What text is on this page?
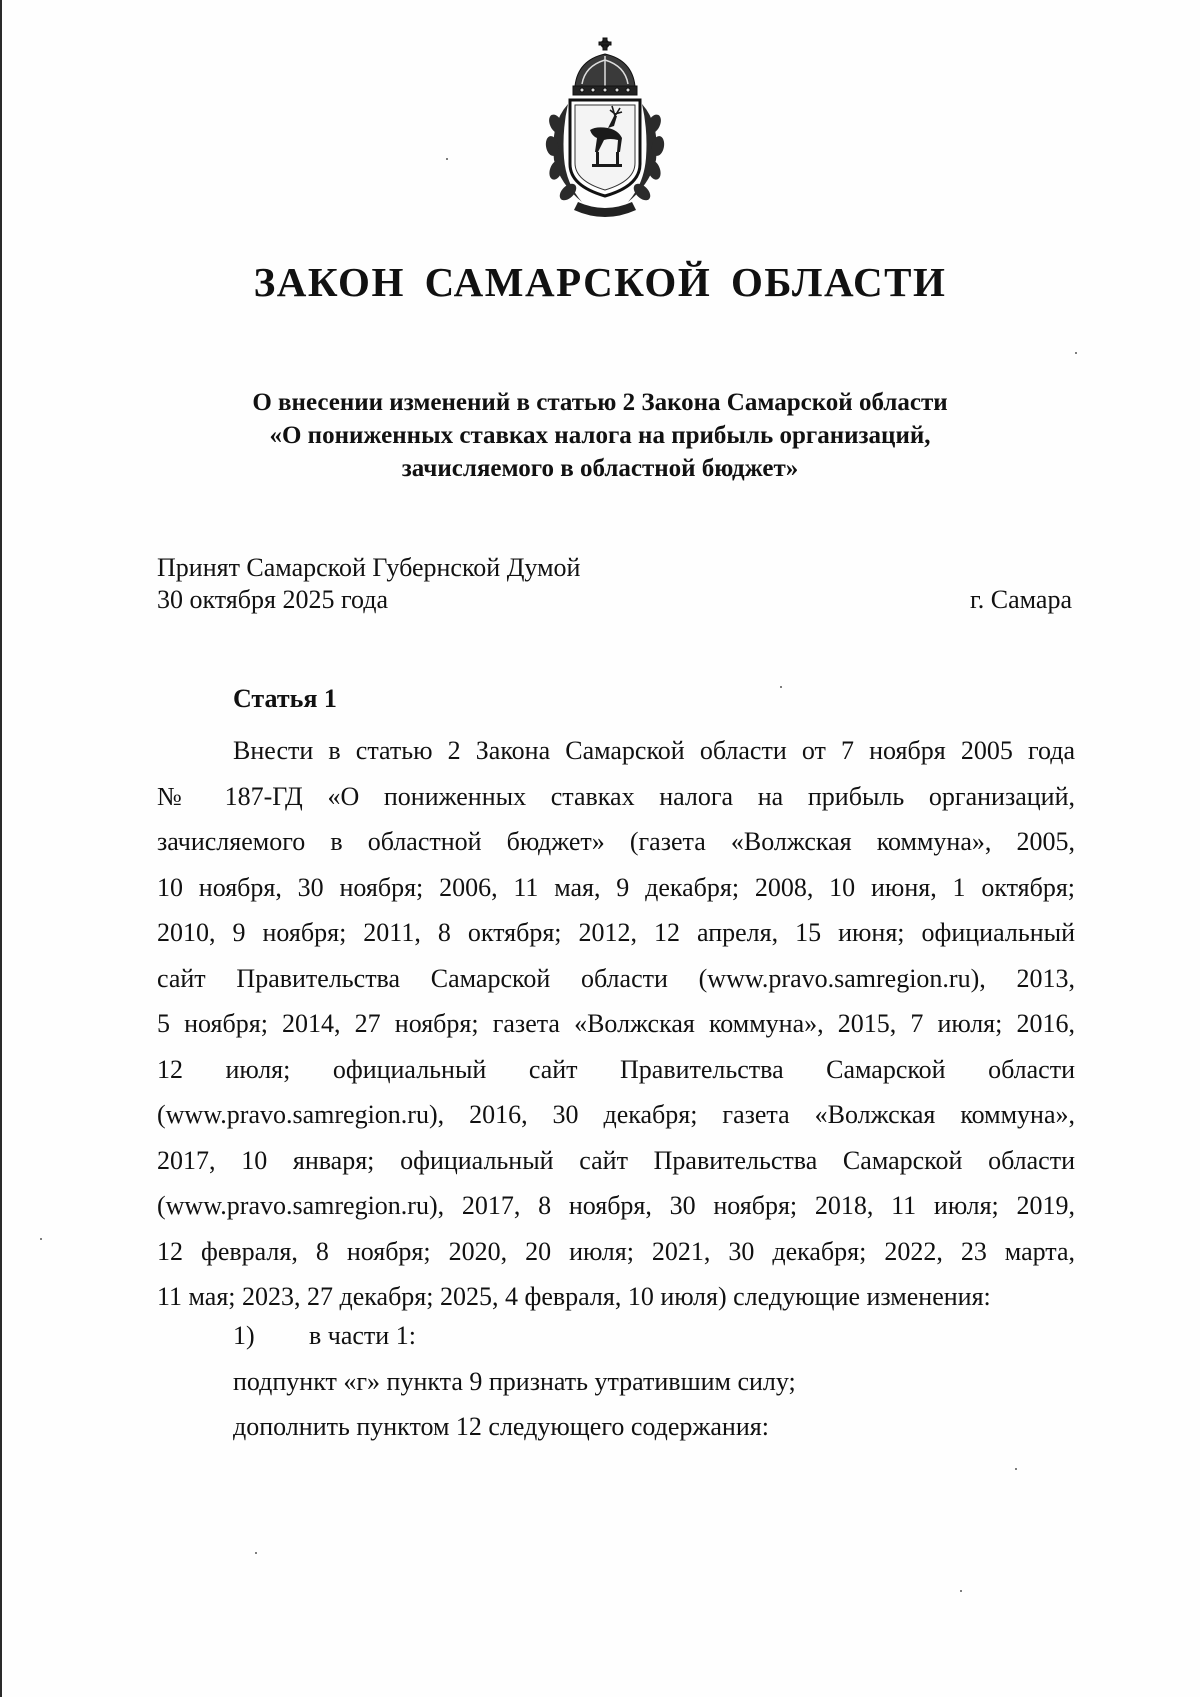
ЗАКОН САМАРСКОЙ ОБЛАСТИ
О внесении изменений в статью 2 Закона Самарской области
«О пониженных ставках налога на прибыль организаций,
зачисляемого в областной бюджет»
Принят Самарской Губернской Думой
30 октября 2025 года	г. Самара
Статья 1
Внести в статью 2 Закона Самарской области от 7 ноября 2005 года
№ 187-ГД «О пониженных ставках налога на прибыль организаций,
зачисляемого в областной бюджет» (газета «Волжская коммуна», 2005,
10 ноября, 30 ноября; 2006, 11 мая, 9 декабря; 2008, 10 июня, 1 октября;
2010, 9 ноября; 2011, 8 октября; 2012, 12 апреля, 15 июня; официальный
сайт Правительства Самарской области (www.pravo.samregion.ru), 2013,
5 ноября; 2014, 27 ноября; газета «Волжская коммуна», 2015, 7 июля; 2016,
12 июля; официальный сайт Правительства Самарской области
(www.pravo.samregion.ru), 2016, 30 декабря; газета «Волжская коммуна»,
2017, 10 января; официальный сайт Правительства Самарской области
(www.pravo.samregion.ru), 2017, 8 ноября, 30 ноября; 2018, 11 июля; 2019,
12 февраля, 8 ноября; 2020, 20 июля; 2021, 30 декабря; 2022, 23 марта,
11 мая; 2023, 27 декабря; 2025, 4 февраля, 10 июля) следующие изменения:
1) в части 1:
подпункт «г» пункта 9 признать утратившим силу;
дополнить пунктом 12 следующего содержания:
